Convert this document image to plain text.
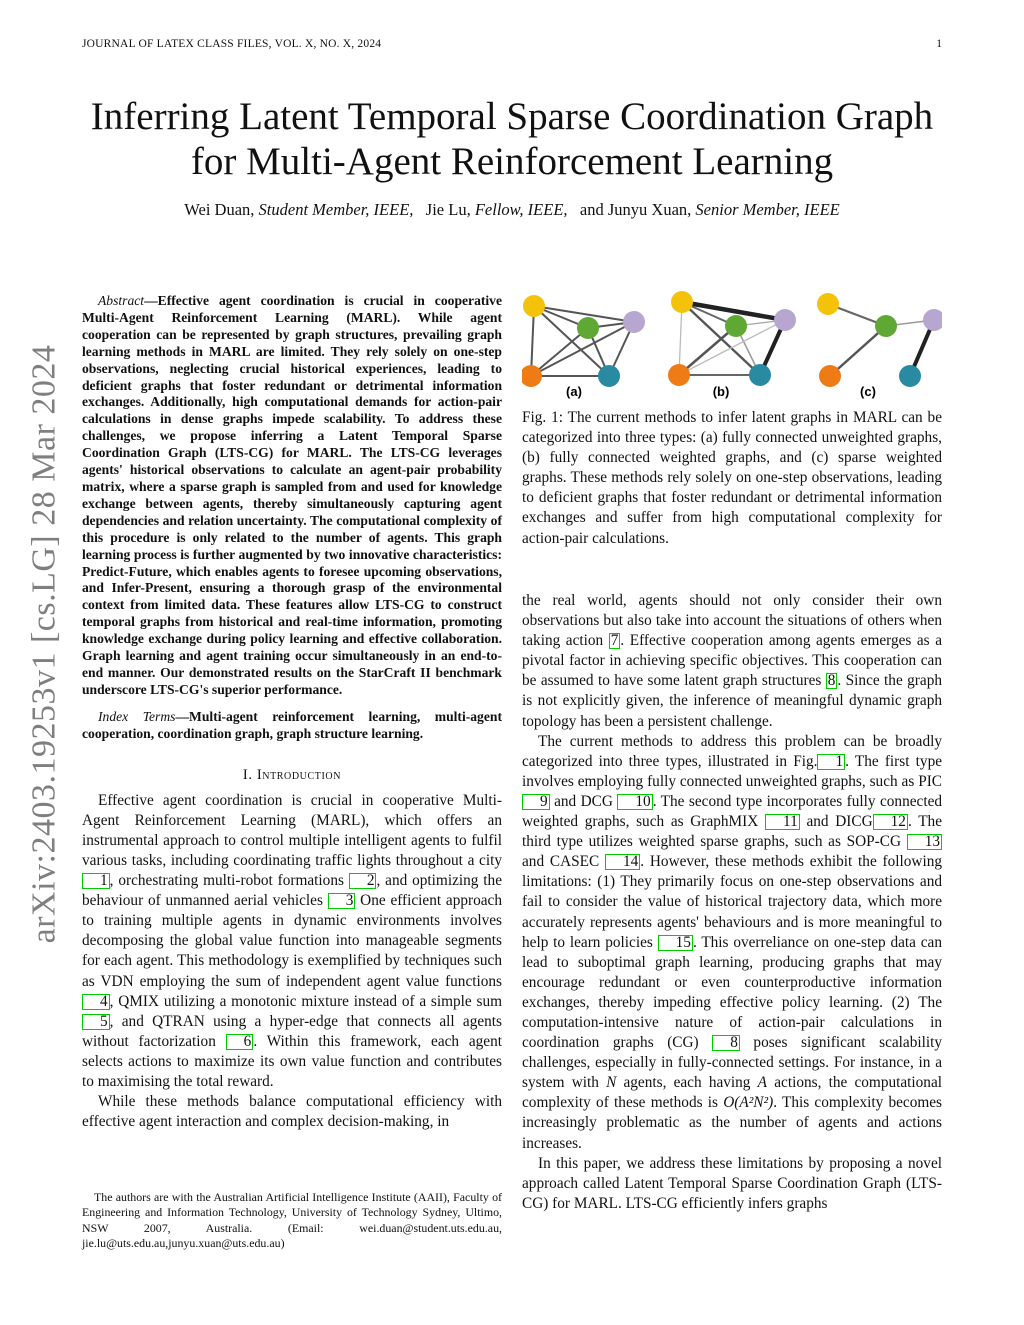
JOURNAL OF LATEX CLASS FILES, VOL. X, NO. X, 2024	1
arXiv:2403.19253v1 [cs.LG] 28 Mar 2024
Inferring Latent Temporal Sparse Coordination Graph for Multi-Agent Reinforcement Learning
Wei Duan, Student Member, IEEE, Jie Lu, Fellow, IEEE, and Junyu Xuan, Senior Member, IEEE

Abstract—Effective agent coordination is crucial in cooperative Multi-Agent Reinforcement Learning (MARL). While agent cooperation can be represented by graph structures, prevailing graph learning methods in MARL are limited. They rely solely on one-step observations, neglecting crucial historical experiences, leading to deficient graphs that foster redundant or detrimental information exchanges. Additionally, high computational demands for action-pair calculations in dense graphs impede scalability. To address these challenges, we propose inferring a Latent Temporal Sparse Coordination Graph (LTS-CG) for MARL. The LTS-CG leverages agents' historical observations to calculate an agent-pair probability matrix, where a sparse graph is sampled from and used for knowledge exchange between agents, thereby simultaneously capturing agent dependencies and relation uncertainty. The computational complexity of this procedure is only related to the number of agents. This graph learning process is further augmented by two innovative characteristics: Predict-Future, which enables agents to foresee upcoming observations, and Infer-Present, ensuring a thorough grasp of the environmental context from limited data. These features allow LTS-CG to construct temporal graphs from historical and real-time information, promoting knowledge exchange during policy learning and effective collaboration. Graph learning and agent training occur simultaneously in an end-to-end manner. Our demonstrated results on the StarCraft II benchmark underscore LTS-CG's superior performance.

Index Terms—Multi-agent reinforcement learning, multi-agent cooperation, coordination graph, graph structure learning.

I. Introduction

Effective agent coordination is crucial in cooperative Multi-Agent Reinforcement Learning (MARL), which offers an instrumental approach to control multiple intelligent agents to fulfil various tasks, including coordinating traffic lights throughout a city 1 , orchestrating multi-robot formations 2 , and optimizing the behaviour of unmanned aerial vehicles 3 One efficient approach to training multiple agents in dynamic environments involves decomposing the global value function into manageable segments for each agent. This methodology is exemplified by techniques such as VDN employing the sum of independent agent value functions 4 , QMIX utilizing a monotonic mixture instead of a simple sum 5 , and QTRAN using a hyper-edge that connects all agents without factorization 6 . Within this framework, each agent selects actions to maximize its own value function and contributes to maximising the total reward.

While these methods balance computational efficiency with effective agent interaction and complex decision-making, in

The authors are with the Australian Artificial Intelligence Institute (AAII), Faculty of Engineering and Information Technology, University of Technology Sydney, Ultimo, NSW 2007, Australia. (Email: wei.duan@student.uts.edu.au, jie.lu@uts.edu.au,junyu.xuan@uts.edu.au)
(a)	(b)	(c)
Fig. 1: The current methods to infer latent graphs in MARL can be categorized into three types: (a) fully connected unweighted graphs, (b) fully connected weighted graphs, and (c) sparse weighted graphs. These methods rely solely on one-step observations, leading to deficient graphs that foster redundant or detrimental information exchanges and suffer from high computational complexity for action-pair calculations.

the real world, agents should not only consider their own observations but also take into account the situations of others when taking action 7 . Effective cooperation among agents emerges as a pivotal factor in achieving specific objectives. This cooperation can be assumed to have some latent graph structures 8 . Since the graph is not explicitly given, the inference of meaningful dynamic graph topology has been a persistent challenge.

The current methods to address this problem can be broadly categorized into three types, illustrated in Fig. 1 . The first type involves employing fully connected unweighted graphs, such as PIC 9 and DCG 10 . The second type incorporates fully connected weighted graphs, such as GraphMIX 11 and DICG 12 . The third type utilizes weighted sparse graphs, such as SOP-CG 13 and CASEC 14 . However, these methods exhibit the following limitations: (1) They primarily focus on one-step observations and fail to consider the value of historical trajectory data, which more accurately represents agents' behaviours and is more meaningful to help to learn policies 15 . This overreliance on one-step data can lead to suboptimal graph learning, producing graphs that may encourage redundant or even counterproductive information exchanges, thereby impeding effective policy learning. (2) The computation-intensive nature of action-pair calculations in coordination graphs (CG) 8 poses significant scalability challenges, especially in fully-connected settings. For instance, in a system with N agents, each having A actions, the computational complexity of these methods is O(A²N²). This complexity becomes increasingly problematic as the number of agents and actions increases.

In this paper, we address these limitations by proposing a novel approach called Latent Temporal Sparse Coordination Graph (LTS-CG) for MARL. LTS-CG efficiently infers graphs
